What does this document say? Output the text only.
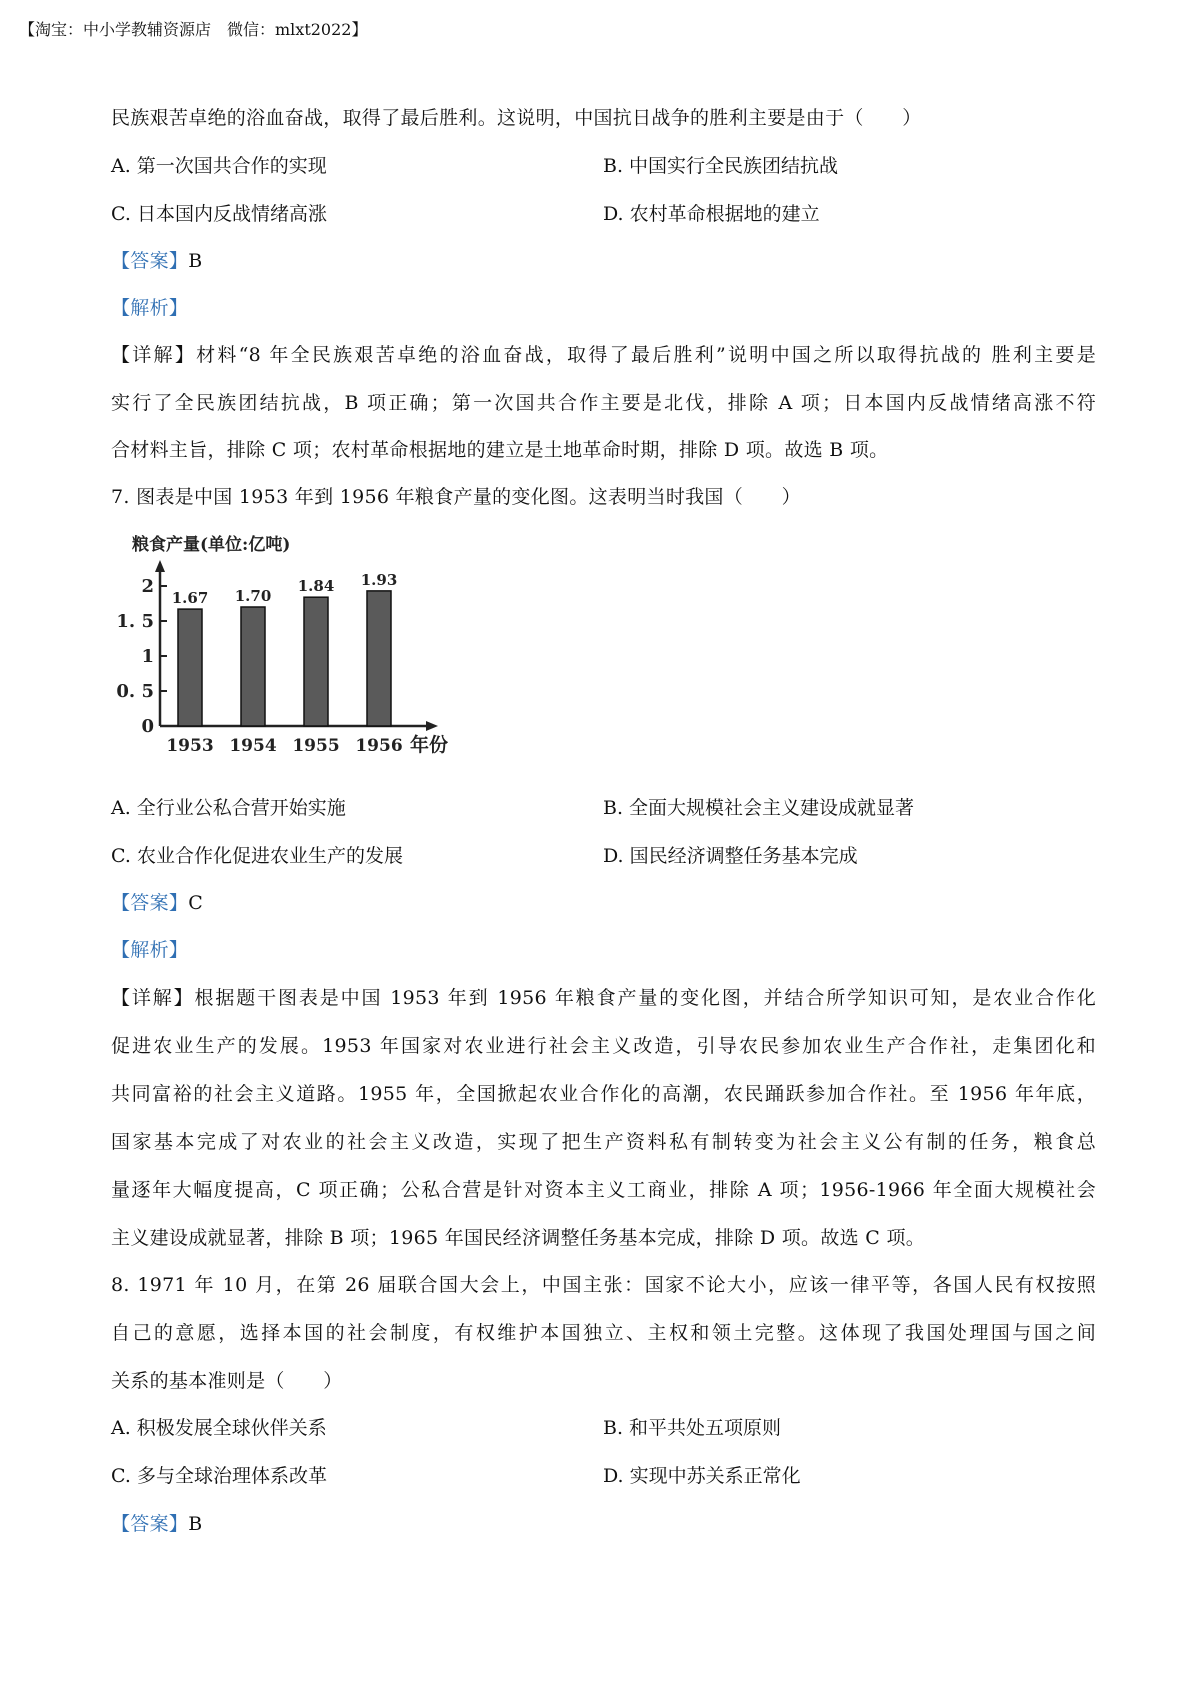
【淘宝：中小学教辅资源店　微信：mlxt2022】
民族艰苦卓绝的浴血奋战，取得了最后胜利。这说明，中国抗日战争的胜利主要是由于（　　）
A. 第一次国共合作的实现	B. 中国实行全民族团结抗战
C. 日本国内反战情绪高涨	D. 农村革命根据地的建立
【答案】B
【解析】
【详解】材料“8 年全民族艰苦卓绝的浴血奋战，取得了最后胜利”说明中国之所以取得抗战的 胜利主要是
实行了全民族团结抗战，B 项正确；第一次国共合作主要是北伐，排除 A 项；日本国内反战情绪高涨不符
合材料主旨，排除 C 项；农村革命根据地的建立是土地革命时期，排除 D 项。故选 B 项。
7. 图表是中国 1953 年到 1956 年粮食产量的变化图。这表明当时我国（　　）
粮食产量(单位:亿吨)
0
0. 5
1
1. 5
2
1.67 1.70
1.84 1.93
1953 1954 1955 1956 年份
A. 全行业公私合营开始实施	B. 全面大规模社会主义建设成就显著
C. 农业合作化促进农业生产的发展	D. 国民经济调整任务基本完成
【答案】C
【解析】
【详解】根据题干图表是中国 1953 年到 1956 年粮食产量的变化图，并结合所学知识可知，是农业合作化
促进农业生产的发展。1953 年国家对农业进行社会主义改造，引导农民参加农业生产合作社，走集团化和
共同富裕的社会主义道路。1955 年，全国掀起农业合作化的高潮，农民踊跃参加合作社。至 1956 年年底，
国家基本完成了对农业的社会主义改造，实现了把生产资料私有制转变为社会主义公有制的任务，粮食总
量逐年大幅度提高，C 项正确；公私合营是针对资本主义工商业，排除 A 项；1956-1966 年全面大规模社会
主义建设成就显著，排除 B 项；1965 年国民经济调整任务基本完成，排除 D 项。故选 C 项。
8. 1971 年 10 月，在第 26 届联合国大会上，中国主张：国家不论大小，应该一律平等，各国人民有权按照
自己的意愿，选择本国的社会制度，有权维护本国独立、主权和领土完整。这体现了我国处理国与国之间
关系的基本准则是（　　）
A. 积极发展全球伙伴关系	B. 和平共处五项原则
C. 多与全球治理体系改革	D. 实现中苏关系正常化
【答案】B
